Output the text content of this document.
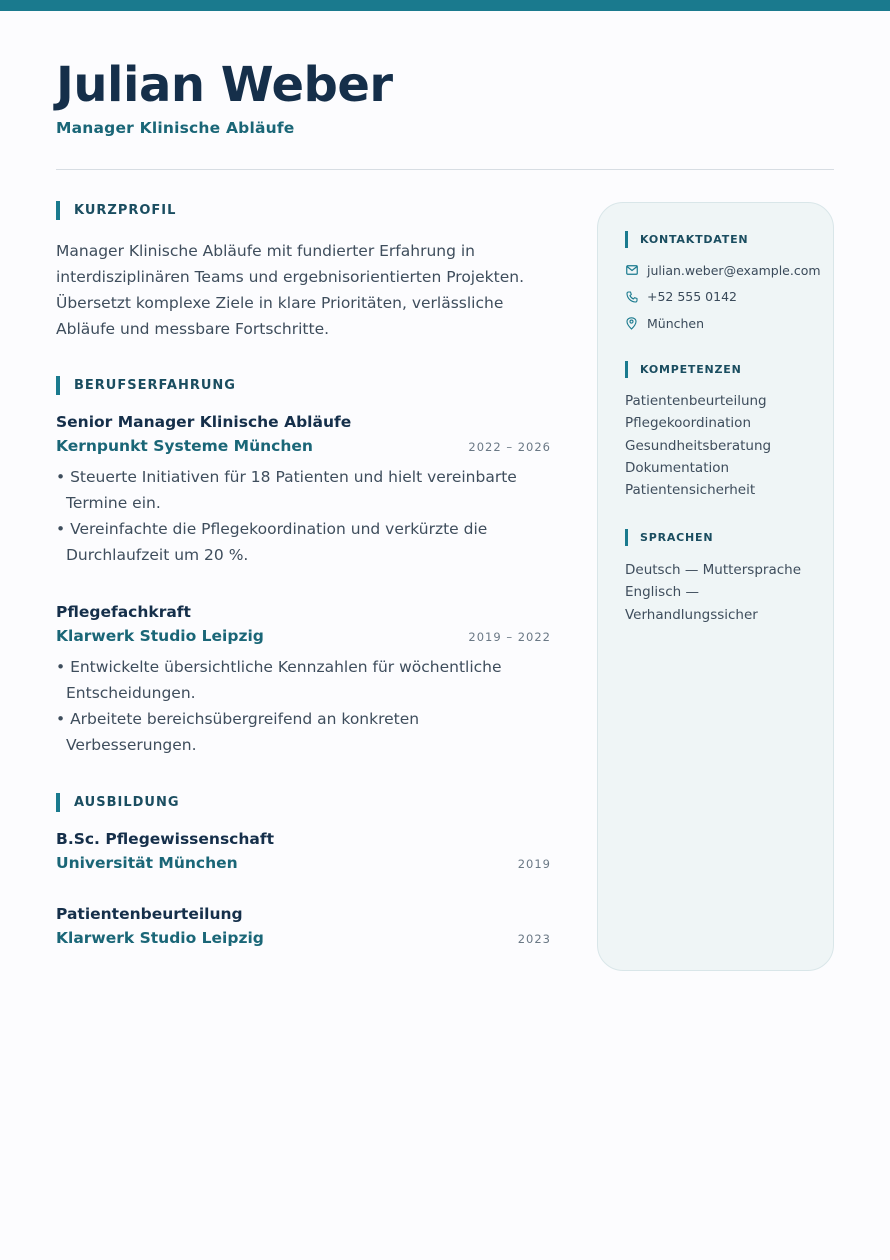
Julian Weber
Manager Klinische Abläufe
KURZPROFIL

Manager Klinische Abläufe mit fundierter Erfahrung in interdisziplinären Teams und ergebnisorientierten Projekten. Übersetzt komplexe Ziele in klare Prioritäten, verlässliche Abläufe und messbare Fortschritte.

BERUFSERFAHRUNG
Senior Manager Klinische Abläufe
Kernpunkt Systeme München	2022 – 2026
• Steuerte Initiativen für 18 Patienten und hielt vereinbarte Termine ein.
• Vereinfachte die Pflegekoordination und verkürzte die Durchlaufzeit um 20 %.
Pflegefachkraft
Klarwerk Studio Leipzig	2019 – 2022
• Entwickelte übersichtliche Kennzahlen für wöchentliche Entscheidungen.
• Arbeitete bereichsübergreifend an konkreten Verbesserungen.
AUSBILDUNG
B.Sc. Pflegewissenschaft
Universität München	2019
Patientenbeurteilung
Klarwerk Studio Leipzig	2023
KONTAKTDATEN
julian.weber@example.com
+52 555 0142
München
KOMPETENZEN
Patientenbeurteilung
Pflegekoordination
Gesundheitsberatung
Dokumentation
Patientensicherheit
SPRACHEN
Deutsch — Muttersprache
Englisch —
Verhandlungssicher
